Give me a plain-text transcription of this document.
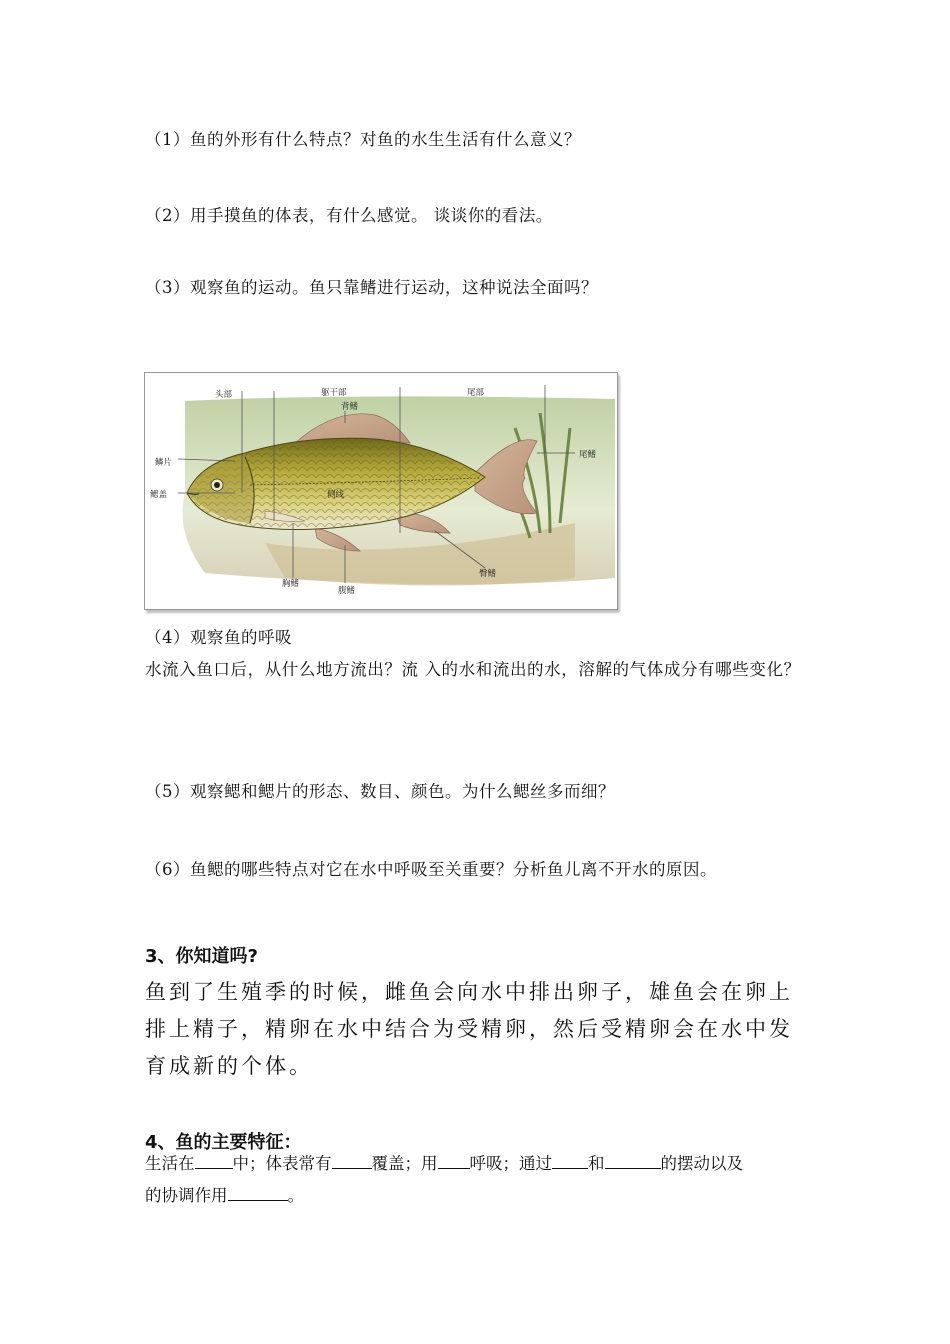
（1）鱼的外形有什么特点？对鱼的水生生活有什么意义？
（2）用手摸鱼的体表，有什么感觉。 谈谈你的看法。
（3）观察鱼的运动。鱼只靠鳍进行运动，这种说法全面吗？
头部	躯干部	尾部
背鳍
鳞片
鳃盖	侧线
尾鳍
臀鳍
胸鳍
腹鳍
（4）观察鱼的呼吸
水流入鱼口后，从什么地方流出？流 入的水和流出的水，溶解的气体成分有哪些变化？
（5）观察鳃和鳃片的形态、数目、颜色。为什么鳃丝多而细？
（6）鱼鳃的哪些特点对它在水中呼吸至关重要？分析鱼儿离不开水的原因。
3、你知道吗?
鱼到了生殖季的时候，雌鱼会向水中排出卵子，雄鱼会在卵上排上精子，精卵在水中结合为受精卵，然后受精卵会在水中发育成新的个体。
4、鱼的主要特征：
生活在 中；体表常有 覆盖；用 呼吸；通过 和	的摆动以及
的协调作用	。
